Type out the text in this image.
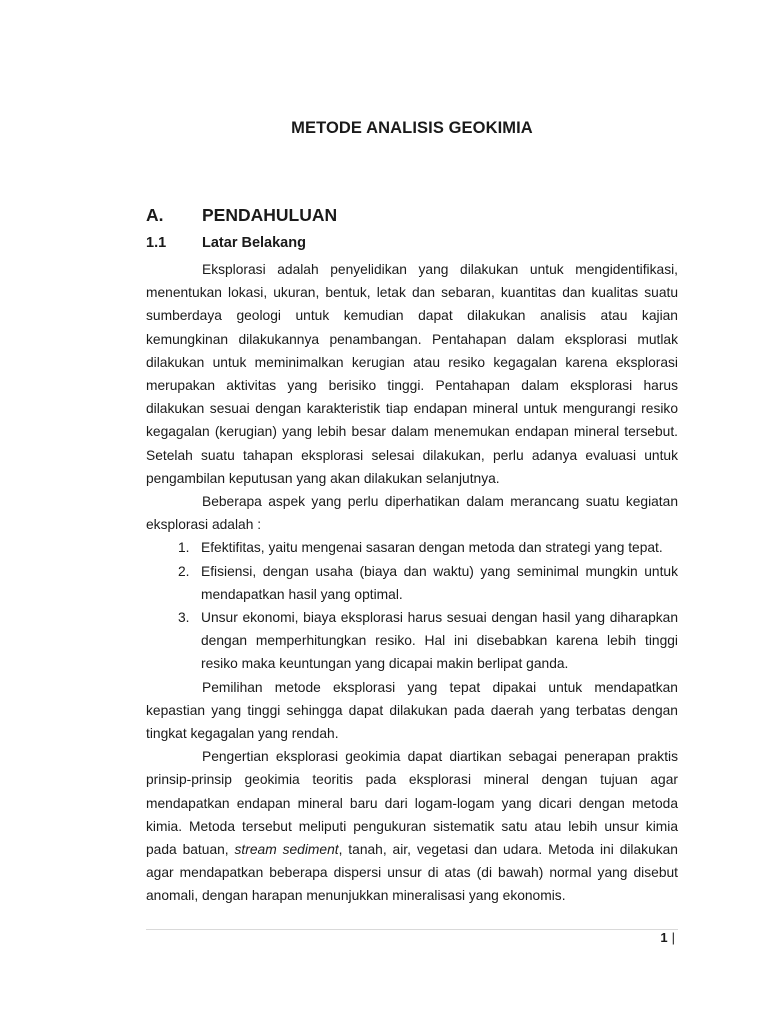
METODE ANALISIS GEOKIMIA
A. PENDAHULUAN
1.1 Latar Belakang

Eksplorasi adalah penyelidikan yang dilakukan untuk mengidentifikasi, menentukan lokasi, ukuran, bentuk, letak dan sebaran, kuantitas dan kualitas suatu sumberdaya geologi untuk kemudian dapat dilakukan analisis atau kajian kemungkinan dilakukannya penambangan. Pentahapan dalam eksplorasi mutlak dilakukan untuk meminimalkan kerugian atau resiko kegagalan karena eksplorasi merupakan aktivitas yang berisiko tinggi. Pentahapan dalam eksplorasi harus dilakukan sesuai dengan karakteristik tiap endapan mineral untuk mengurangi resiko kegagalan (kerugian) yang lebih besar dalam menemukan endapan mineral tersebut. Setelah suatu tahapan eksplorasi selesai dilakukan, perlu adanya evaluasi untuk pengambilan keputusan yang akan dilakukan selanjutnya.

Beberapa aspek yang perlu diperhatikan dalam merancang suatu kegiatan eksplorasi adalah :

1. Efektifitas, yaitu mengenai sasaran dengan metoda dan strategi yang tepat.
2. Efisiensi, dengan usaha (biaya dan waktu) yang seminimal mungkin untuk mendapatkan hasil yang optimal.
3. Unsur ekonomi, biaya eksplorasi harus sesuai dengan hasil yang diharapkan dengan memperhitungkan resiko. Hal ini disebabkan karena lebih tinggi resiko maka keuntungan yang dicapai makin berlipat ganda.

Pemilihan metode eksplorasi yang tepat dipakai untuk mendapatkan kepastian yang tinggi sehingga dapat dilakukan pada daerah yang terbatas dengan tingkat kegagalan yang rendah.

Pengertian eksplorasi geokimia dapat diartikan sebagai penerapan praktis prinsip-prinsip geokimia teoritis pada eksplorasi mineral dengan tujuan agar mendapatkan endapan mineral baru dari logam-logam yang dicari dengan metoda kimia. Metoda tersebut meliputi pengukuran sistematik satu atau lebih unsur kimia pada batuan, stream sediment, tanah, air, vegetasi dan udara. Metoda ini dilakukan agar mendapatkan beberapa dispersi unsur di atas (di bawah) normal yang disebut anomali, dengan harapan menunjukkan mineralisasi yang ekonomis.

1 |
